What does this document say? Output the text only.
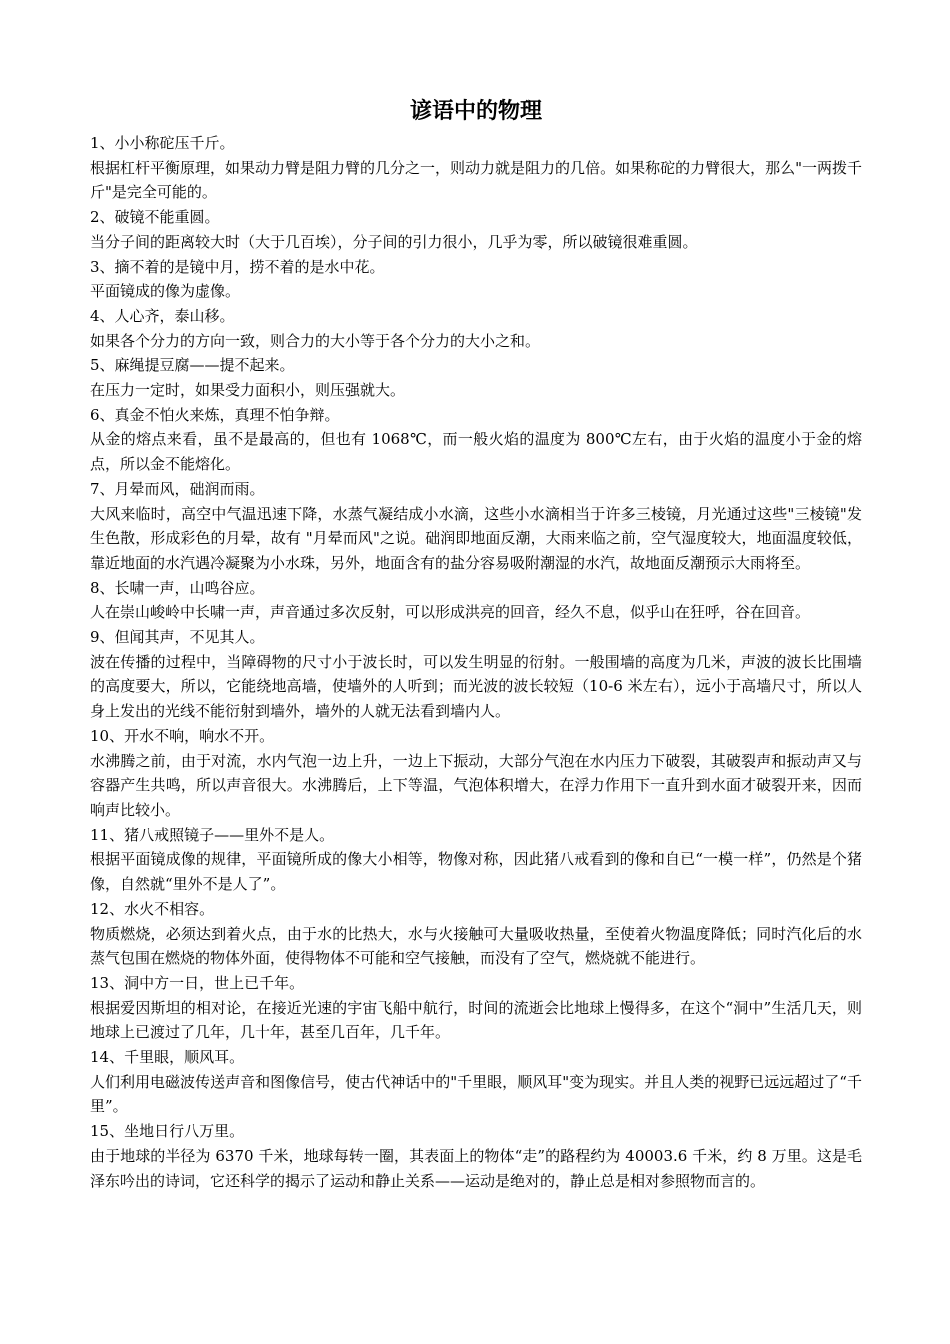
谚语中的物理

1、小小称砣压千斤。

根据杠杆平衡原理，如果动力臂是阻力臂的几分之一，则动力就是阻力的几倍。如果称砣的力臂很大，那么"一两拨千斤"是完全可能的。

2、破镜不能重圆。

当分子间的距离较大时（大于几百埃），分子间的引力很小，几乎为零，所以破镜很难重圆。

3、摘不着的是镜中月，捞不着的是水中花。

平面镜成的像为虚像。

4、人心齐，泰山移。

如果各个分力的方向一致，则合力的大小等于各个分力的大小之和。

5、麻绳提豆腐——提不起来。

在压力一定时，如果受力面积小，则压强就大。

6、真金不怕火来炼，真理不怕争辩。

从金的熔点来看，虽不是最高的，但也有 1068℃，而一般火焰的温度为 800℃左右，由于火焰的温度小于金的熔点，所以金不能熔化。

7、月晕而风，础润而雨。

大风来临时，高空中气温迅速下降，水蒸气凝结成小水滴，这些小水滴相当于许多三棱镜，月光通过这些"三棱镜"发生色散，形成彩色的月晕，故有 "月晕而风"之说。础润即地面反潮，大雨来临之前，空气湿度较大，地面温度较低，靠近地面的水汽遇冷凝聚为小水珠，另外，地面含有的盐分容易吸附潮湿的水汽，故地面反潮预示大雨将至。

8、长啸一声，山鸣谷应。

人在崇山峻岭中长啸一声，声音通过多次反射，可以形成洪亮的回音，经久不息，似乎山在狂呼，谷在回音。

9、但闻其声，不见其人。

波在传播的过程中，当障碍物的尺寸小于波长时，可以发生明显的衍射。一般围墙的高度为几米，声波的波长比围墙的高度要大，所以，它能绕地高墙，使墙外的人听到；而光波的波长较短（10-6 米左右），远小于高墙尺寸，所以人身上发出的光线不能衍射到墙外，墙外的人就无法看到墙内人。

10、开水不响，响水不开。

水沸腾之前，由于对流，水内气泡一边上升，一边上下振动，大部分气泡在水内压力下破裂，其破裂声和振动声又与容器产生共鸣，所以声音很大。水沸腾后，上下等温，气泡体积增大，在浮力作用下一直升到水面才破裂开来，因而响声比较小。

11、猪八戒照镜子——里外不是人。

根据平面镜成像的规律，平面镜所成的像大小相等，物像对称，因此猪八戒看到的像和自已“一模一样”，仍然是个猪像，自然就“里外不是人了”。

12、水火不相容。

物质燃烧，必须达到着火点，由于水的比热大，水与火接触可大量吸收热量，至使着火物温度降低；同时汽化后的水蒸气包围在燃烧的物体外面，使得物体不可能和空气接触，而没有了空气，燃烧就不能进行。

13、洞中方一日，世上已千年。

根据爱因斯坦的相对论，在接近光速的宇宙飞船中航行，时间的流逝会比地球上慢得多，在这个“洞中”生活几天，则地球上已渡过了几年，几十年，甚至几百年，几千年。

14、千里眼，顺风耳。

人们利用电磁波传送声音和图像信号，使古代神话中的"千里眼，顺风耳"变为现实。并且人类的视野已远远超过了“千里”。

15、坐地日行八万里。

由于地球的半径为 6370 千米，地球每转一圈，其表面上的物体“走”的路程约为 40003.6 千米，约 8 万里。这是毛泽东吟出的诗词，它还科学的揭示了运动和静止关系——运动是绝对的，静止总是相对参照物而言的。
